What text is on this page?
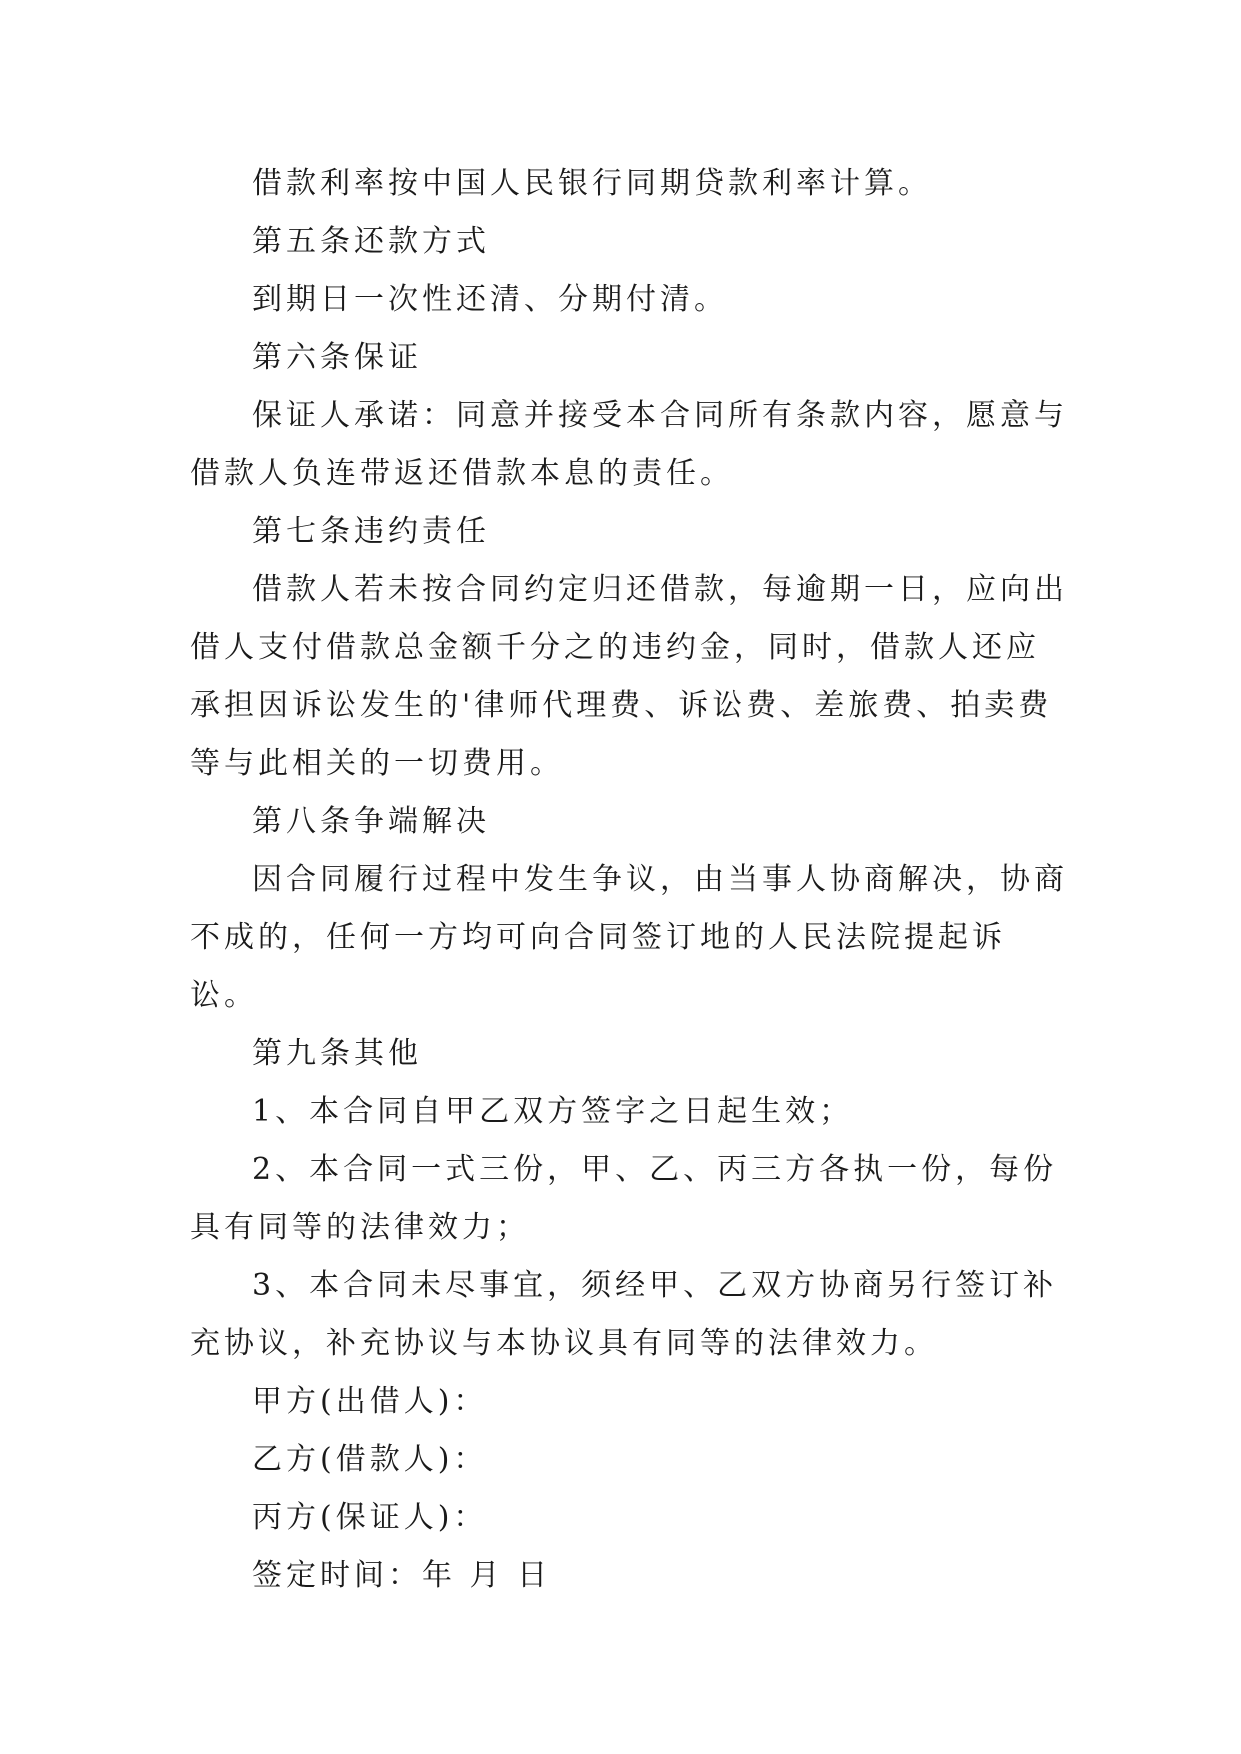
借款利率按中国人民银行同期贷款利率计算。

第五条还款方式

到期日一次性还清、分期付清。

第六条保证

保证人承诺：同意并接受本合同所有条款内容，愿意与借款人负连带返还借款本息的责任。

第七条违约责任

借款人若未按合同约定归还借款，每逾期一日，应向出借人支付借款总金额千分之的违约金，同时，借款人还应承担因诉讼发生的'律师代理费、诉讼费、差旅费、拍卖费等与此相关的一切费用。

第八条争端解决

因合同履行过程中发生争议，由当事人协商解决，协商不成的，任何一方均可向合同签订地的人民法院提起诉讼。

第九条其他

1、本合同自甲乙双方签字之日起生效；

2、本合同一式三份，甲、乙、丙三方各执一份，每份具有同等的法律效力；

3、本合同未尽事宜，须经甲、乙双方协商另行签订补充协议，补充协议与本协议具有同等的法律效力。

甲方(出借人)：

乙方(借款人)：

丙方(保证人)：

签定时间：年 月 日
